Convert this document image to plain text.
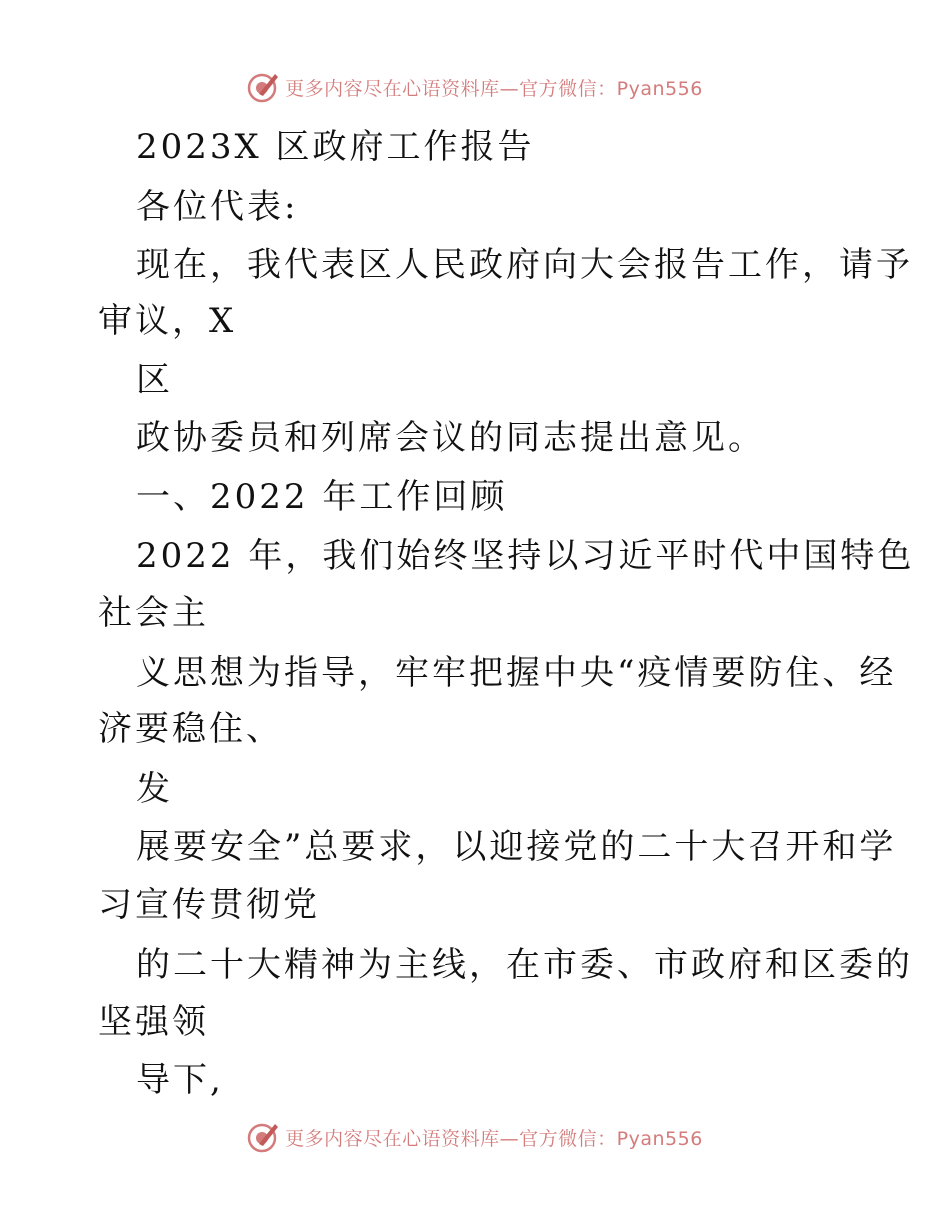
更多内容尽在心语资料库—官方微信：Pyan556
2023X 区政府工作报告
各位代表:
现在，我代表区人民政府向大会报告工作，请予
审议，X
区
政协委员和列席会议的同志提出意见。
一、2022 年工作回顾
2022 年，我们始终坚持以习近平时代中国特色
社会主
义思想为指导，牢牢把握中央“疫情要防住、经
济要稳住、
发
展要安全”总要求，以迎接党的二十大召开和学
习宣传贯彻党
的二十大精神为主线，在市委、市政府和区委的
坚强领
导下,
更多内容尽在心语资料库—官方微信：Pyan556
